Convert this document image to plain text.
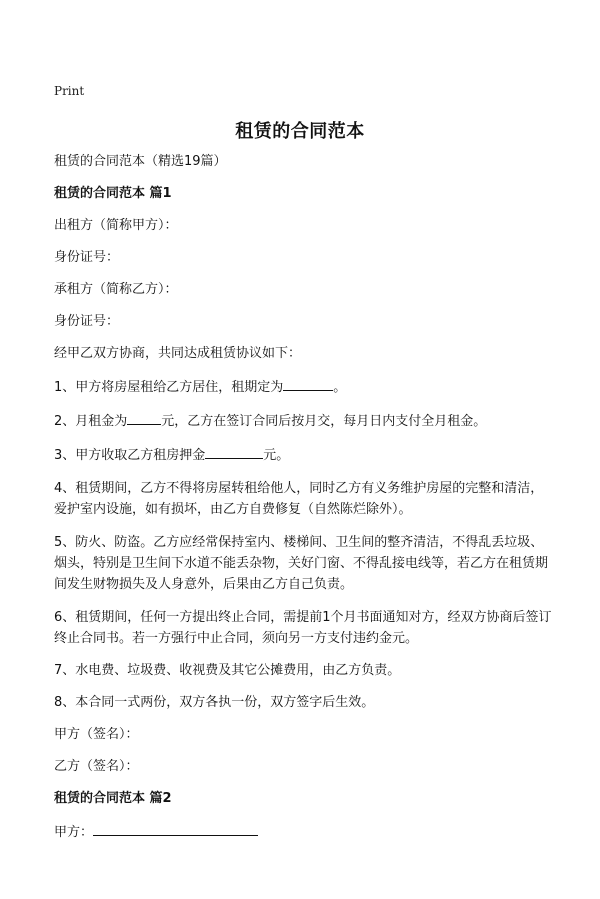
Print
租赁的合同范本

租赁的合同范本（精选19篇）

租赁的合同范本 篇1

出租方（简称甲方）：

身份证号：

承租方（简称乙方）：

身份证号：

经甲乙双方协商，共同达成租赁协议如下：

1、甲方将房屋租给乙方居住，租期定为	。

2、月租金为	元，乙方在签订合同后按月交，每月日内支付全月租金。

3、甲方收取乙方租房押金	元。

4、租赁期间，乙方不得将房屋转租给他人，同时乙方有义务维护房屋的完整和清洁，爱护室内设施，如有损坏，由乙方自费修复（自然陈烂除外）。

5、防火、防盗。乙方应经常保持室内、楼梯间、卫生间的整齐清洁，不得乱丢垃圾、烟头，特别是卫生间下水道不能丢杂物，关好门窗、不得乱接电线等，若乙方在租赁期间发生财物损失及人身意外，后果由乙方自己负责。

6、租赁期间，任何一方提出终止合同，需提前1个月书面通知对方，经双方协商后签订终止合同书。若一方强行中止合同，须向另一方支付违约金元。

7、水电费、垃圾费、收视费及其它公摊费用，由乙方负责。

8、本合同一式两份，双方各执一份，双方签字后生效。

甲方（签名）：

乙方（签名）：

租赁的合同范本 篇2

甲方：
